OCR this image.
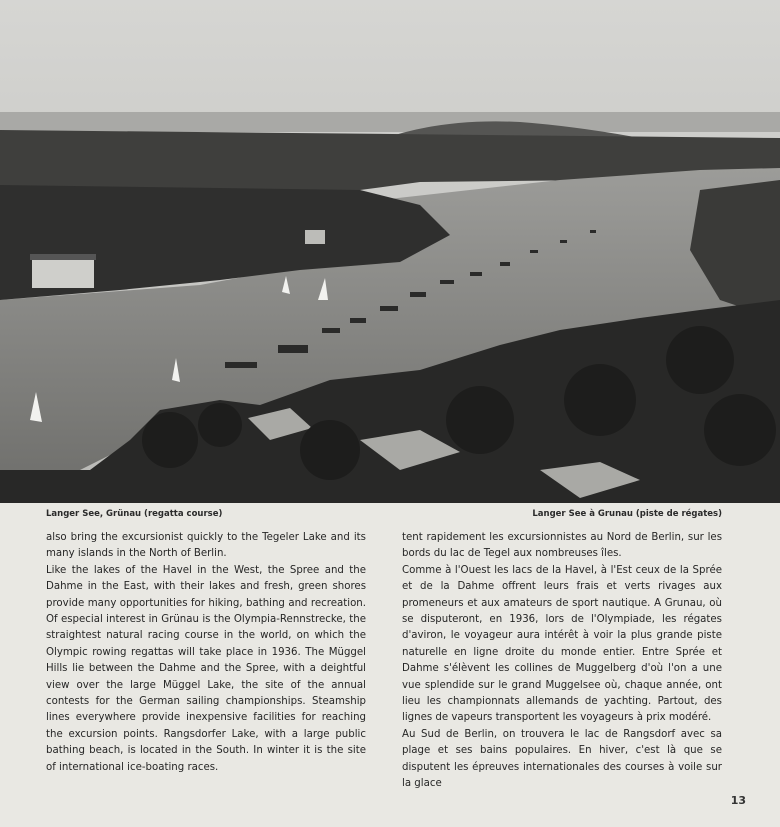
Langer See, Grünau (regatta course)	Langer See à Grunau (piste de régates)

also bring the excursionist quickly to the Tegeler Lake and its many islands in the North of Berlin.

Like the lakes of the Havel in the West, the Spree and the Dahme in the East, with their lakes and fresh, green shores provide many opportunities for hiking, bathing and recreation. Of especial interest in Grünau is the Olympia-Rennstrecke, the straightest natural racing course in the world, on which the Olympic rowing regattas will take place in 1936. The Müggel Hills lie between the Dahme and the Spree, with a deightful view over the large Müggel Lake, the site of the annual contests for the German sailing championships. Steamship lines everywhere provide inexpensive facilities for reaching the excursion points. Rangsdorfer Lake, with a large public bathing beach, is located in the South. In winter it is the site of international ice-boating races.

tent rapidement les excursionnistes au Nord de Berlin, sur les bords du lac de Tegel aux nombreuses îles.

Comme à l'Ouest les lacs de la Havel, à l'Est ceux de la Sprée et de la Dahme offrent leurs frais et verts rivages aux promeneurs et aux amateurs de sport nautique. A Grunau, où se disputeront, en 1936, lors de l'Olympiade, les régates d'aviron, le voyageur aura intérêt à voir la plus grande piste naturelle en ligne droite du monde entier. Entre Sprée et Dahme s'élèvent les collines de Muggelberg d'où l'on a une vue splendide sur le grand Muggelsee où, chaque année, ont lieu les championnats allemands de yachting. Partout, des lignes de vapeurs transportent les voyageurs à prix modéré.

Au Sud de Berlin, on trouvera le lac de Rangsdorf avec sa plage et ses bains populaires. En hiver, c'est là que se disputent les épreuves internationales des courses à voile sur la glace

13
